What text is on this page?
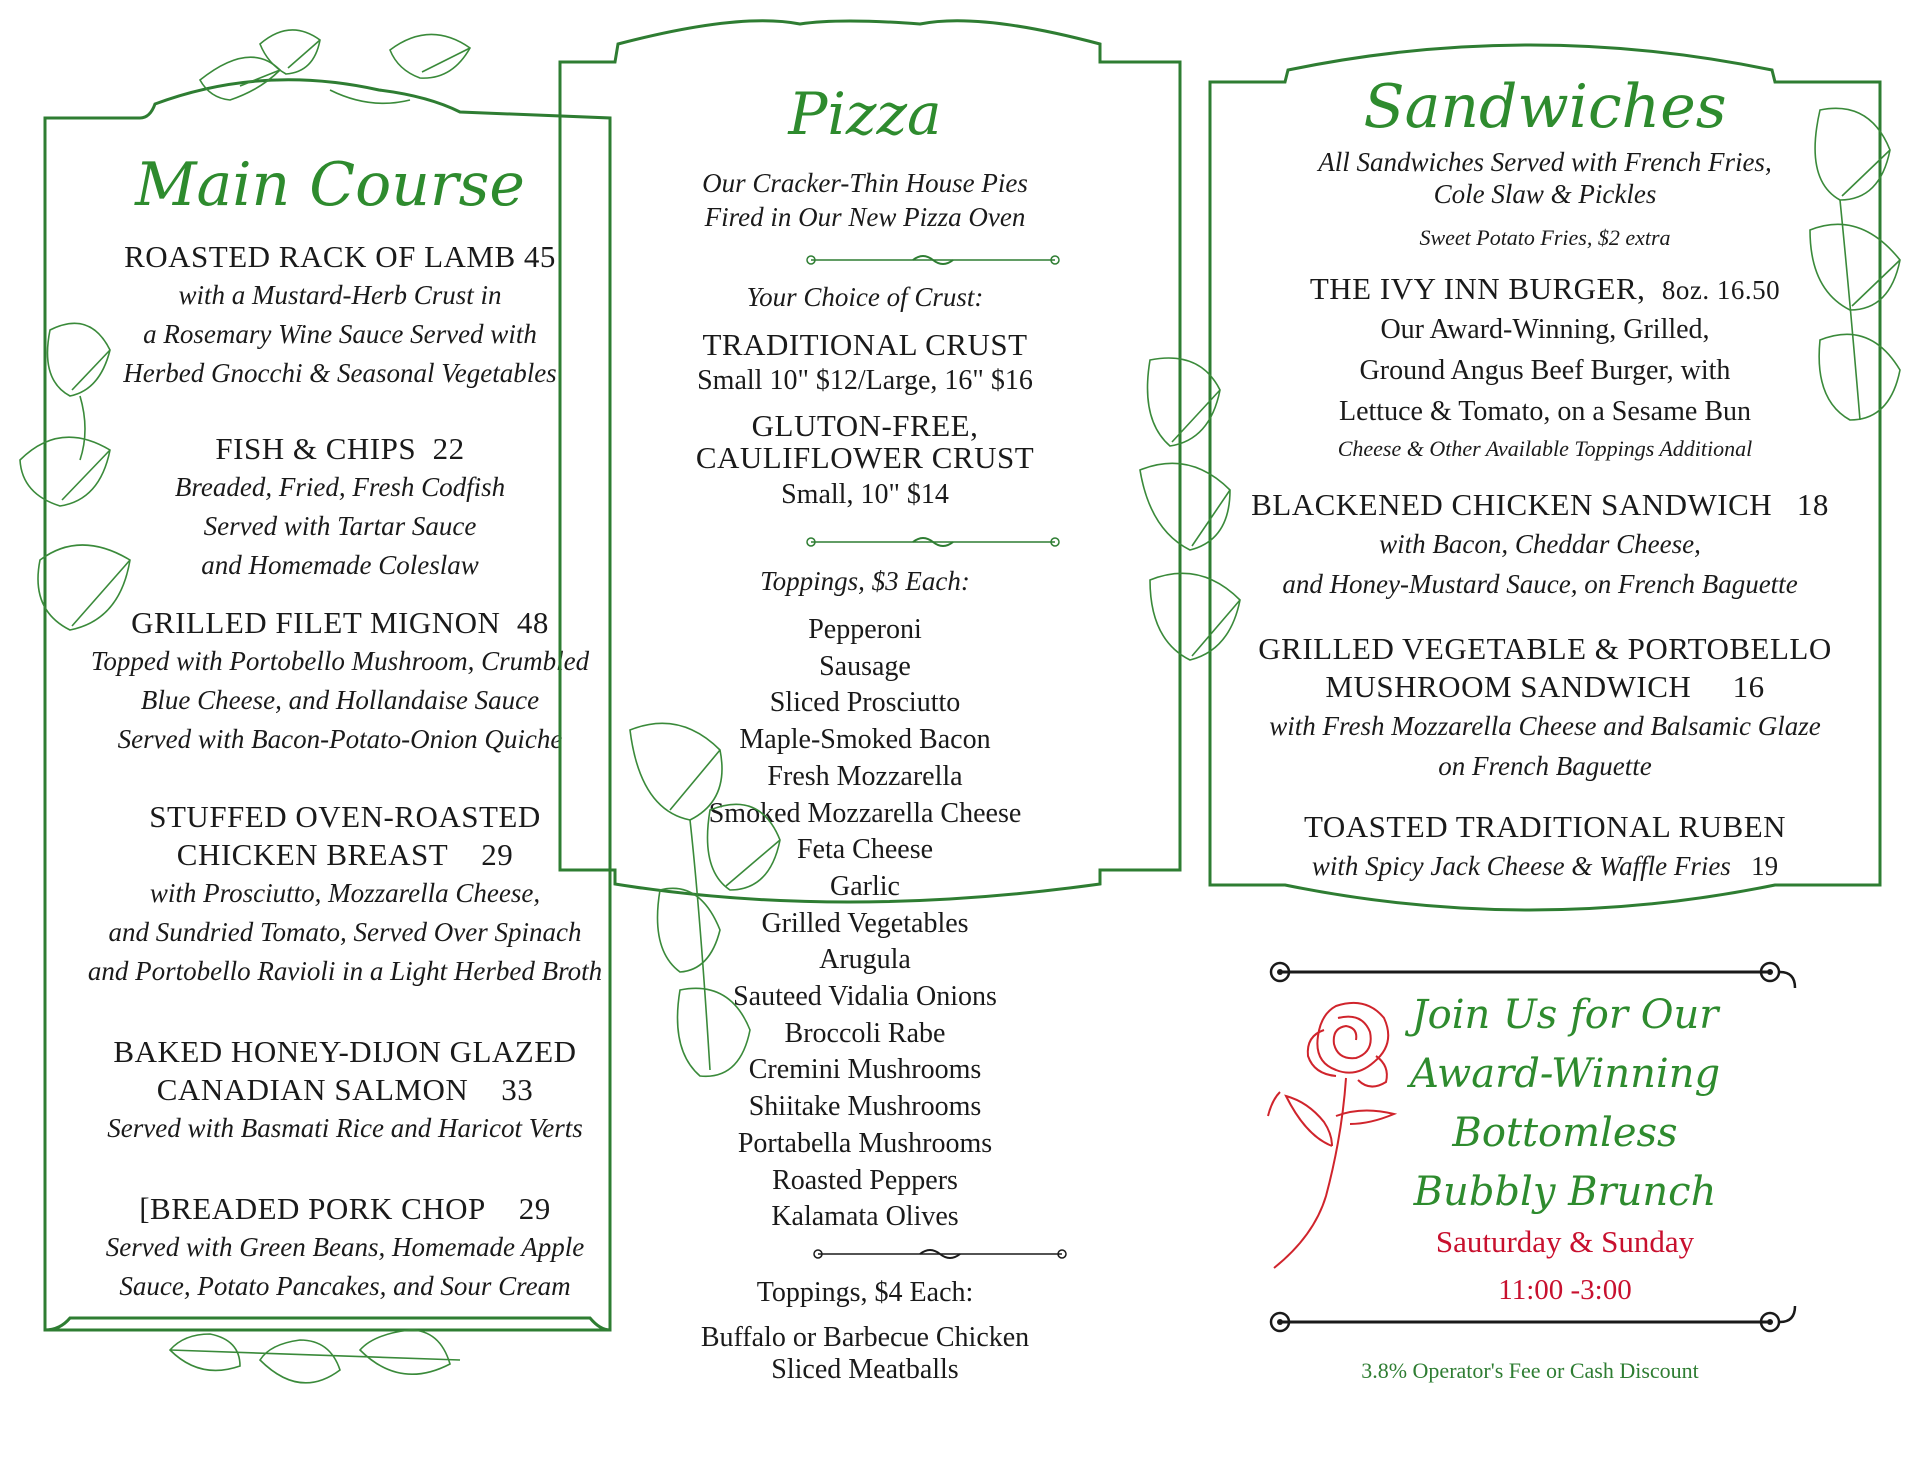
Main Course
ROASTED RACK OF LAMB 45
with a Mustard-Herb Crust in
a Rosemary Wine Sauce Served with
Herbed Gnocchi & Seasonal Vegetables
FISH & CHIPS 22
Breaded, Fried, Fresh Codfish
Served with Tartar Sauce
and Homemade Coleslaw
GRILLED FILET MIGNON 48
Topped with Portobello Mushroom, Crumbled
Blue Cheese, and Hollandaise Sauce
Served with Bacon-Potato-Onion Quiche
STUFFED OVEN-ROASTED
CHICKEN BREAST 29
with Prosciutto, Mozzarella Cheese,
and Sundried Tomato, Served Over Spinach
and Portobello Ravioli in a Light Herbed Broth
BAKED HONEY-DIJON GLAZED
CANADIAN SALMON 33
Served with Basmati Rice and Haricot Verts
[BREADED PORK CHOP 29
Served with Green Beans, Homemade Apple
Sauce, Potato Pancakes, and Sour Cream
Pizza
Our Cracker-Thin House Pies
Fired in Our New Pizza Oven
Your Choice of Crust:
TRADITIONAL CRUST
Small 10" $12/Large, 16" $16
GLUTON-FREE,
CAULIFLOWER CRUST
Small, 10" $14
Toppings, $3 Each:
Pepperoni
Sausage
Sliced Prosciutto
Maple-Smoked Bacon
Fresh Mozzarella
Smoked Mozzarella Cheese
Feta Cheese
Garlic
Grilled Vegetables
Arugula
Sauteed Vidalia Onions
Broccoli Rabe
Cremini Mushrooms
Shiitake Mushrooms
Portabella Mushrooms
Roasted Peppers
Kalamata Olives
Toppings, $4 Each:
Buffalo or Barbecue Chicken
Sliced Meatballs
Sandwiches
All Sandwiches Served with French Fries,
Cole Slaw & Pickles
Sweet Potato Fries, $2 extra
THE IVY INN BURGER, 8oz. 16.50
Our Award-Winning, Grilled,
Ground Angus Beef Burger, with
Lettuce & Tomato, on a Sesame Bun
Cheese & Other Available Toppings Additional
BLACKENED CHICKEN SANDWICH 18
with Bacon, Cheddar Cheese,
and Honey-Mustard Sauce, on French Baguette
GRILLED VEGETABLE & PORTOBELLO
MUSHROOM SANDWICH 16
with Fresh Mozzarella Cheese and Balsamic Glaze
on French Baguette
TOASTED TRADITIONAL RUBEN
with Spicy Jack Cheese & Waffle Fries 19
Join Us for Our
Award-Winning
Bottomless
Bubbly Brunch
Sauturday & Sunday
11:00 -3:00
3.8% Operator's Fee or Cash Discount
